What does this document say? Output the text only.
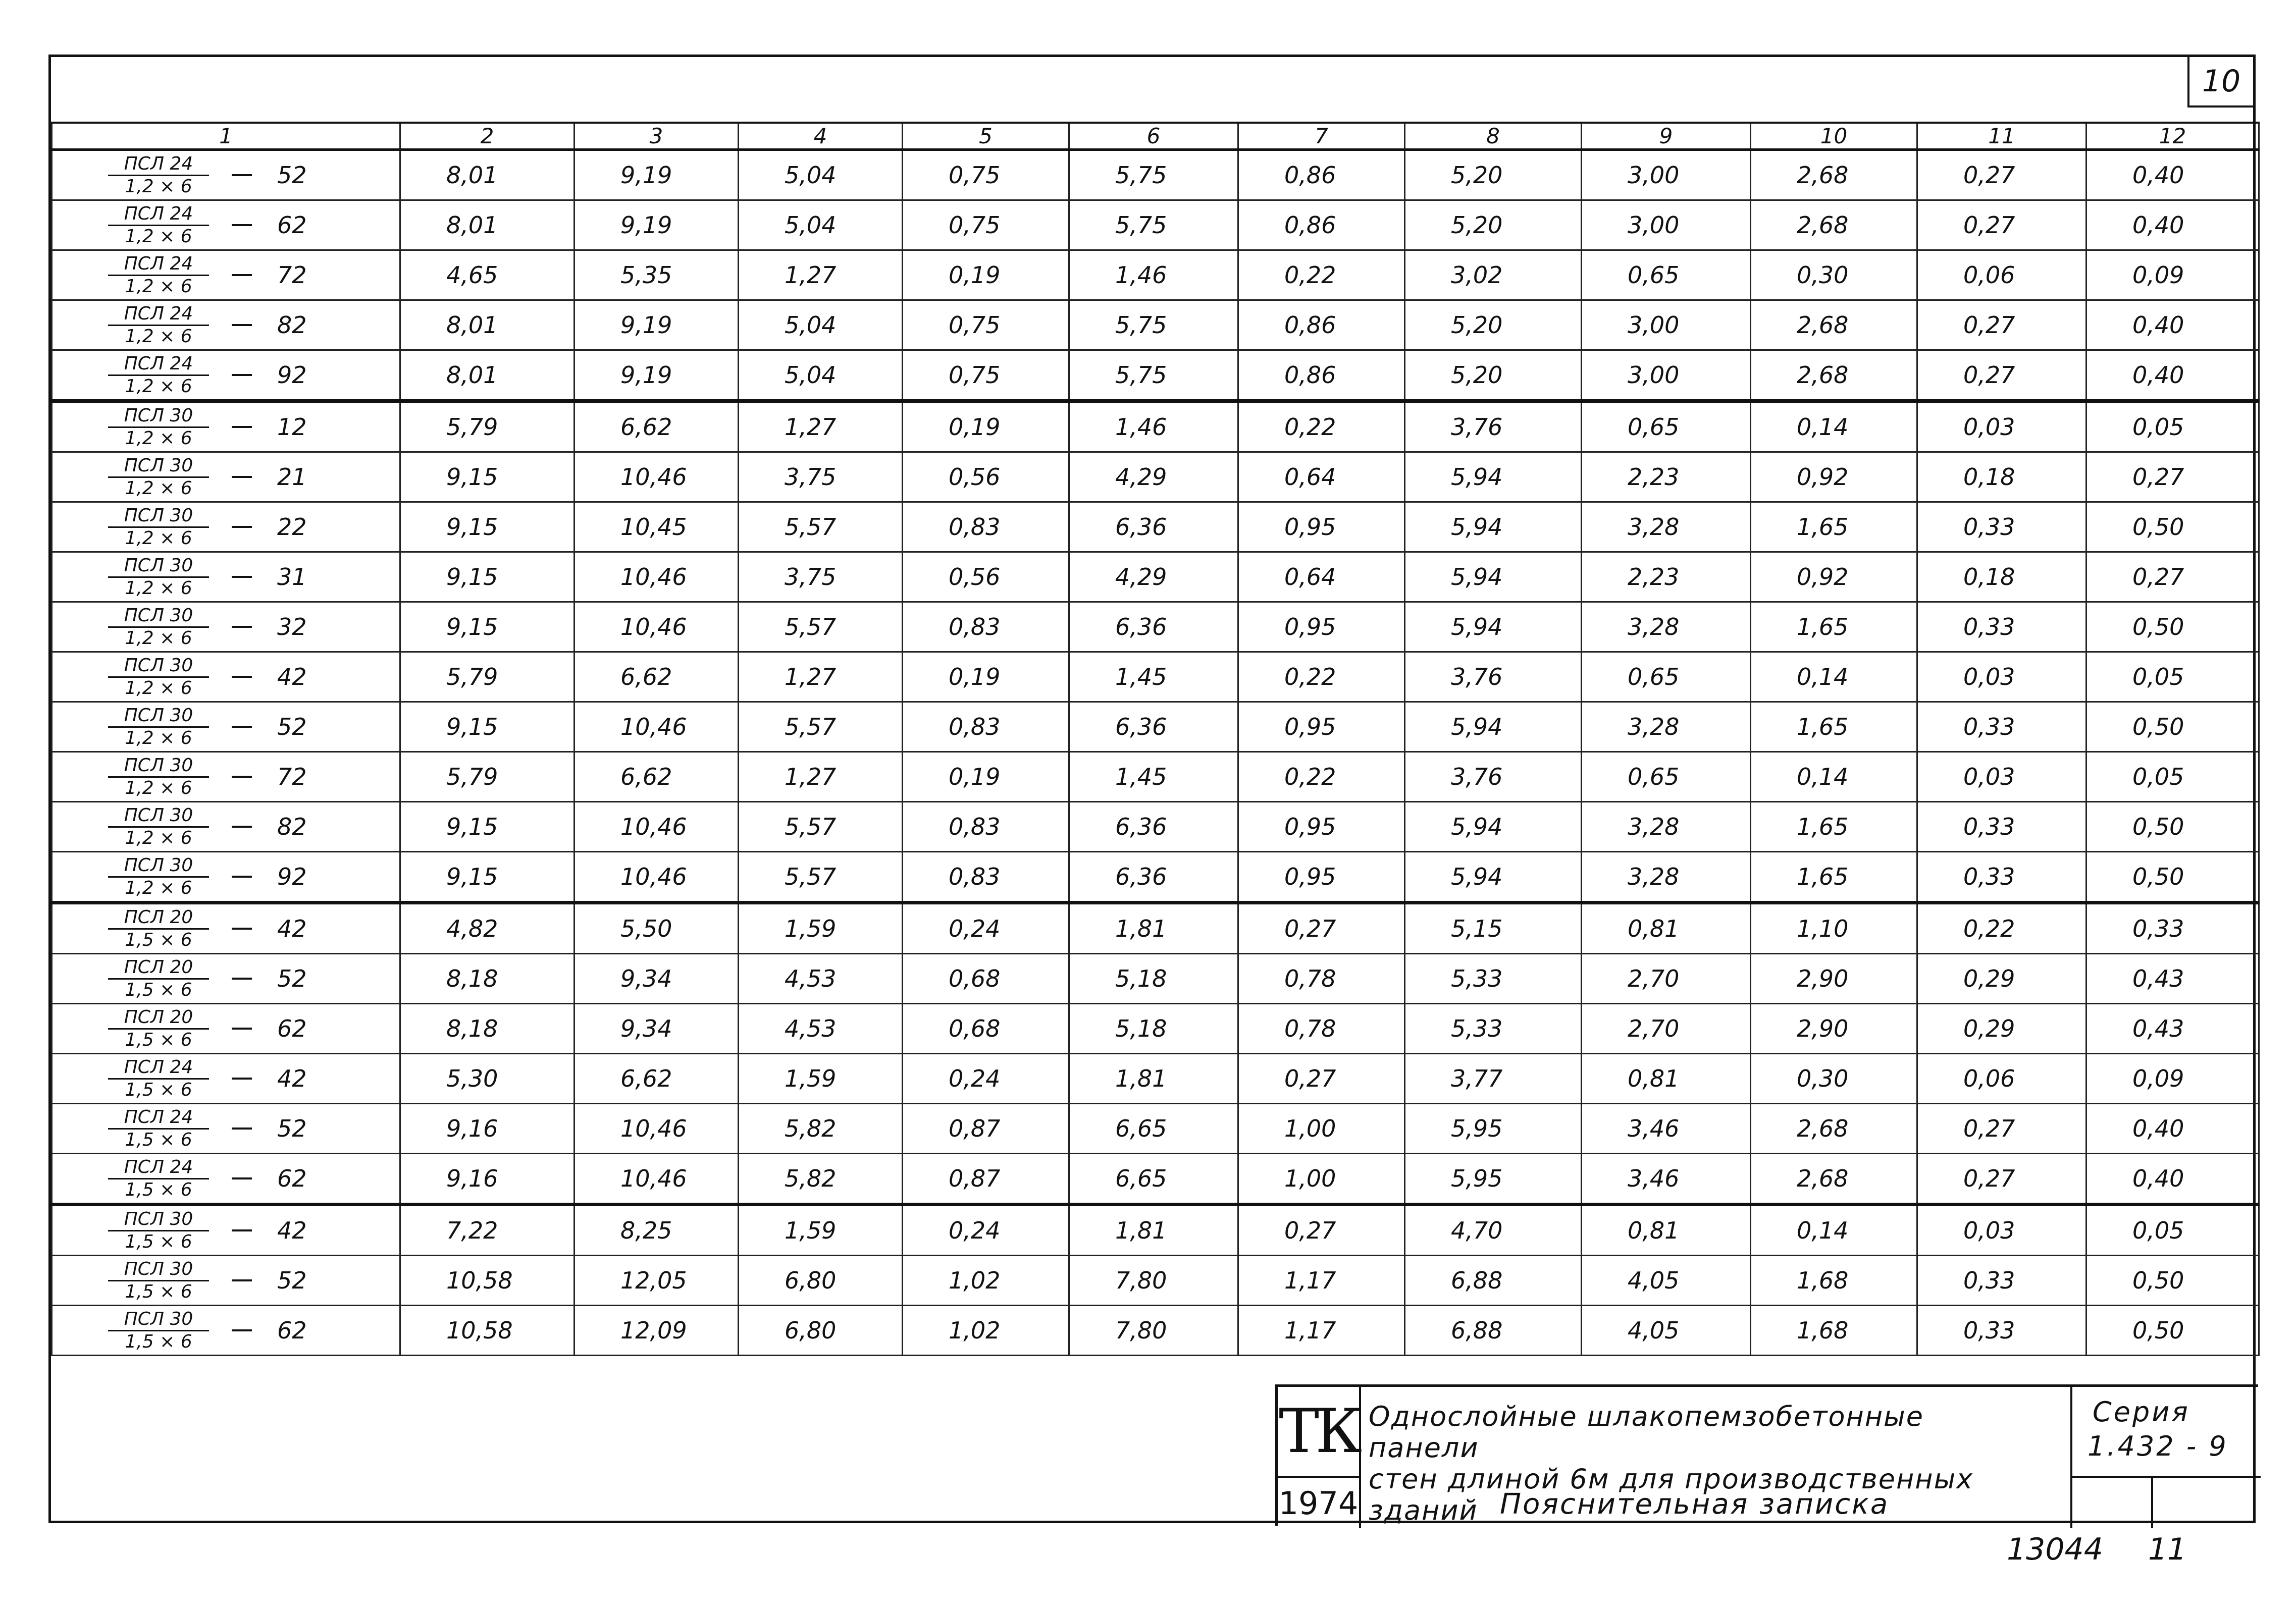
10
1	2	3	4	5	6	7	8	9	10	11	12

$\frac{\text{ПСЛ 24}}{1,2 \times 6} 52$	8,01	9,19	5,04	0,75	5,75	0,86	5,20	3,00	2,68	0,27	0,40

$\frac{\text{ПСЛ 24}}{1,2 \times 6} 62$	8,01	9,19	5,04	0,75	5,75	0,86	5,20	3,00	2,68	0,27	0,40

$\frac{\text{ПСЛ 24}}{1,2 \times 6} 72$	4,65	5,35	1,27	0,19	1,46	0,22	3,02	0,65	0,30	0,06	0,09

$\frac{\text{ПСЛ 24}}{1,2 \times 6} 82$	8,01	9,19	5,04	0,75	5,75	0,86	5,20	3,00	2,68	0,27	0,40

$\frac{\text{ПСЛ 24}}{1,2 \times 6} 92$	8,01	9,19	5,04	0,75	5,75	0,86	5,20	3,00	2,68	0,27	0,40

$\frac{\text{ПСЛ 30}}{1,2 \times 6} 12$	5,79	6,62	1,27	0,19	1,46	0,22	3,76	0,65	0,14	0,03	0,05

$\frac{\text{ПСЛ 30}}{1,2 \times 6} 21$	9,15	10,46	3,75	0,56	4,29	0,64	5,94	2,23	0,92	0,18	0,27

$\frac{\text{ПСЛ 30}}{1,2 \times 6} 22$	9,15	10,45	5,57	0,83	6,36	0,95	5,94	3,28	1,65	0,33	0,50

$\frac{\text{ПСЛ 30}}{1,2 \times 6} 31$	9,15	10,46	3,75	0,56	4,29	0,64	5,94	2,23	0,92	0,18	0,27

$\frac{\text{ПСЛ 30}}{1,2 \times 6} 32$	9,15	10,46	5,57	0,83	6,36	0,95	5,94	3,28	1,65	0,33	0,50

$\frac{\text{ПСЛ 30}}{1,2 \times 6} 42$	5,79	6,62	1,27	0,19	1,45	0,22	3,76	0,65	0,14	0,03	0,05

$\frac{\text{ПСЛ 30}}{1,2 \times 6} 52$	9,15	10,46	5,57	0,83	6,36	0,95	5,94	3,28	1,65	0,33	0,50

$\frac{\text{ПСЛ 30}}{1,2 \times 6} 72$	5,79	6,62	1,27	0,19	1,45	0,22	3,76	0,65	0,14	0,03	0,05

$\frac{\text{ПСЛ 30}}{1,2 \times 6} 82$	9,15	10,46	5,57	0,83	6,36	0,95	5,94	3,28	1,65	0,33	0,50

$\frac{\text{ПСЛ 30}}{1,2 \times 6} 92$	9,15	10,46	5,57	0,83	6,36	0,95	5,94	3,28	1,65	0,33	0,50

$\frac{\text{ПСЛ 20}}{1,5 \times 6} 42$	4,82	5,50	1,59	0,24	1,81	0,27	5,15	0,81	1,10	0,22	0,33

$\frac{\text{ПСЛ 20}}{1,5 \times 6} 52$	8,18	9,34	4,53	0,68	5,18	0,78	5,33	2,70	2,90	0,29	0,43

$\frac{\text{ПСЛ 20}}{1,5 \times 6} 62$	8,18	9,34	4,53	0,68	5,18	0,78	5,33	2,70	2,90	0,29	0,43

$\frac{\text{ПСЛ 24}}{1,5 \times 6} 42$	5,30	6,62	1,59	0,24	1,81	0,27	3,77	0,81	0,30	0,06	0,09

$\frac{\text{ПСЛ 24}}{1,5 \times 6} 52$	9,16	10,46	5,82	0,87	6,65	1,00	5,95	3,46	2,68	0,27	0,40

$\frac{\text{ПСЛ 24}}{1,5 \times 6} 62$	9,16	10,46	5,82	0,87	6,65	1,00	5,95	3,46	2,68	0,27	0,40

$\frac{\text{ПСЛ 30}}{1,5 \times 6} 42$	7,22	8,25	1,59	0,24	1,81	0,27	4,70	0,81	0,14	0,03	0,05

$\frac{\text{ПСЛ 30}}{1,5 \times 6} 52$	10,58	12,05	6,80	1,02	7,80	1,17	6,88	4,05	1,68	0,33	0,50

$\frac{\text{ПСЛ 30}}{1,5 \times 6} 62$	10,58	12,09	6,80	1,02	7,80	1,17	6,88	4,05	1,68	0,33	0,50
ТК Однослойные шлакопемзобетонные панели
стен длиной 6м для производственных зданий
Серия
1.432 - 9
1974	Пояснительная записка
13044 11
